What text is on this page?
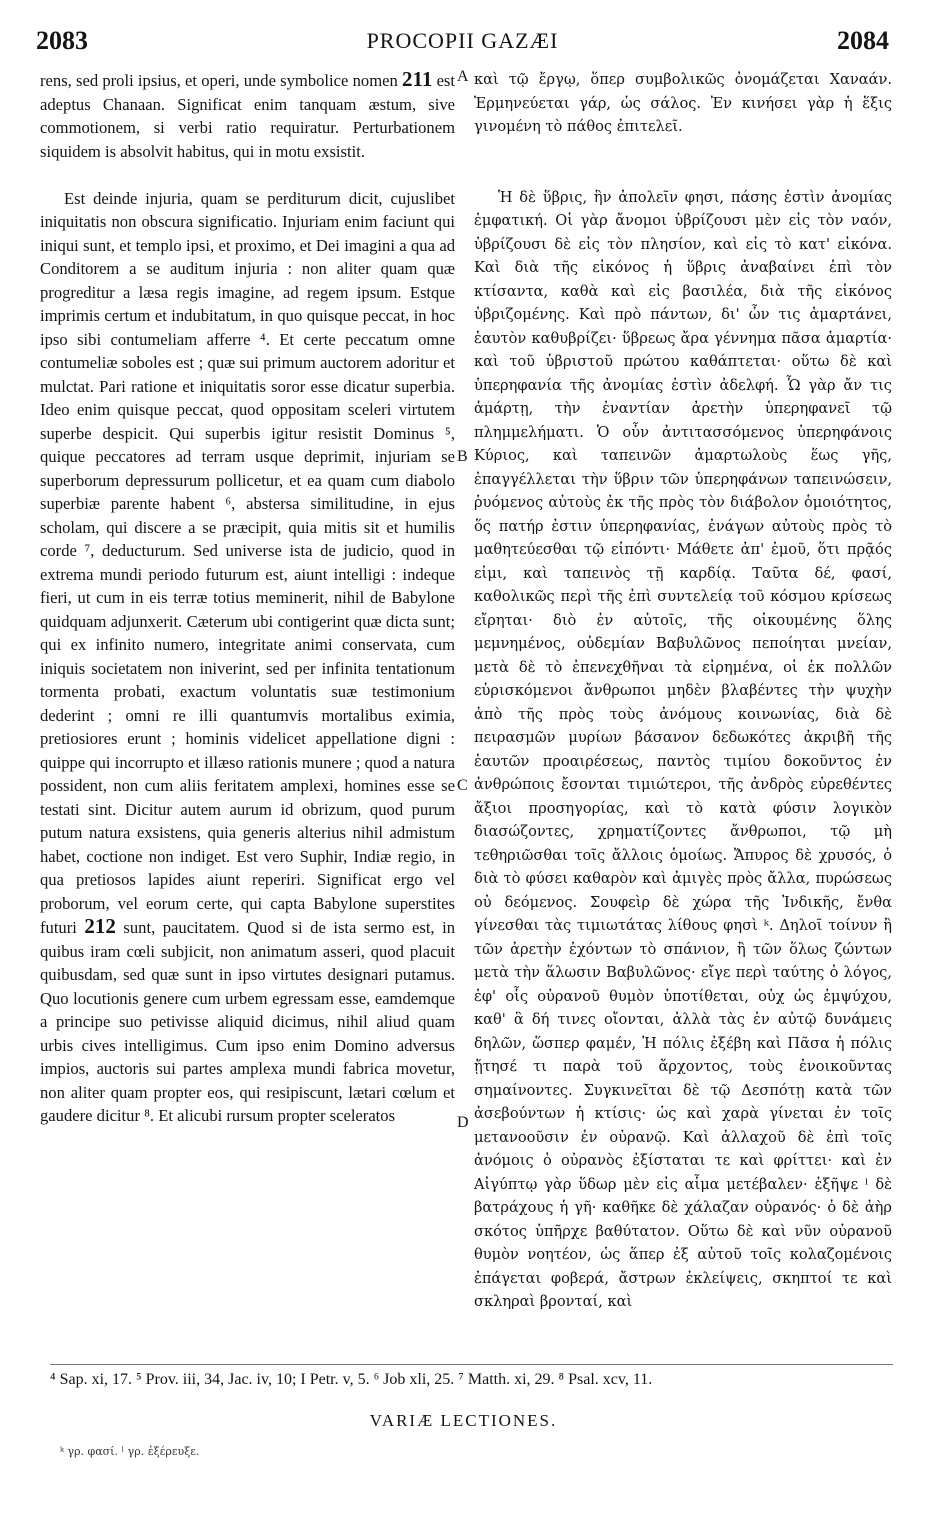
2083	PROCOPII GAZÆI	2084

rens, sed proli ipsius, et operi, unde symbolice nomen 211 est adeptus Chanaan. Significat enim tanquam æstum, sive commotionem, si verbi ratio requiratur. Perturbationem siquidem is absolvit habitus, qui in motu exsistit.

Est deinde injuria, quam se perditurum dicit, cujuslibet iniquitatis non obscura significatio. Injuriam enim faciunt qui iniqui sunt, et templo ipsi, et proximo, et Dei imagini a qua ad Conditorem a se auditum injuria : non aliter quam quæ progreditur a læsa regis imagine, ad regem ipsum. Estque imprimis certum et indubitatum, in quo quisque peccat, in hoc ipso sibi contumeliam afferre ⁴. Et certe peccatum omne contumeliæ soboles est ; quæ sui primum auctorem adoritur et mulctat. Pari ratione et iniquitatis soror esse dicatur superbia. Ideo enim quisque peccat, quod oppositam sceleri virtutem superbe despicit. Qui superbis igitur resistit Dominus ⁵, quique peccatores ad terram usque deprimit, injuriam se superborum depressurum pollicetur, et ea quam cum diabolo superbiæ parente habent ⁶, abstersa similitudine, in ejus scholam, qui discere a se præcipit, quia mitis sit et humilis corde ⁷, deducturum. Sed universe ista de judicio, quod in extrema mundi periodo futurum est, aiunt intelligi : indeque fieri, ut cum in eis terræ totius meminerit, nihil de Babylone quidquam adjunxerit. Cæterum ubi contigerint quæ dicta sunt; qui ex infinito numero, integritate animi conservata, cum iniquis societatem non iniverint, sed per infinita tentationum tormenta probati, exactum voluntatis suæ testimonium dederint ; omni re illi quantumvis mortalibus eximia, pretiosiores erunt ; hominis videlicet appellatione digni : quippe qui incorrupto et illæso rationis munere ; quod a natura possident, non cum aliis feritatem amplexi, homines esse se testati sint. Dicitur autem aurum id obrizum, quod purum putum natura exsistens, quia generis alterius nihil admistum habet, coctione non indiget. Est vero Suphir, Indiæ regio, in qua pretiosos lapides aiunt reperiri. Significat ergo vel proborum, vel eorum certe, qui capta Babylone superstites futuri 212 sunt, paucitatem. Quod si de ista sermo est, in quibus iram cœli subjicit, non animatum asseri, quod placuit quibusdam, sed quæ sunt in ipso virtutes designari putamus. Quo locutionis genere cum urbem egressam esse, eamdemque a principe suo petivisse aliquid dicimus, nihil aliud quam urbis cives intelligimus. Cum ipso enim Domino adversus impios, auctoris sui partes amplexa mundi fabrica movetur, non aliter quam propter eos, qui resipiscunt, lætari cœlum et gaudere dicitur ⁸. Et alicubi rursum propter sceleratos

A
B
C
D

καὶ τῷ ἔργῳ, ὅπερ συμβολικῶς ὀνομάζεται Χαναάν. Ἑρμηνεύεται γάρ, ὡς σάλος. Ἐν κινήσει γὰρ ἡ ἕξις γινομένη τὸ πάθος ἐπιτελεῖ.

Ἡ δὲ ὕβρις, ἣν ἀπολεῖν φησι, πάσης ἐστὶν ἀνομίας ἐμφατική. Οἱ γὰρ ἄνομοι ὑβρίζουσι μὲν εἰς τὸν ναόν, ὑβρίζουσι δὲ εἰς τὸν πλησίον, καὶ εἰς τὸ κατ' εἰκόνα. Καὶ διὰ τῆς εἰκόνος ἡ ὕβρις ἀναβαίνει ἐπὶ τὸν κτίσαντα, καθὰ καὶ εἰς βασιλέα, διὰ τῆς εἰκόνος ὑβριζομένης. Καὶ πρὸ πάντων, δι' ὧν τις ἁμαρτάνει, ἑαυτὸν καθυβρίζει· ὕβρεως ἄρα γέννημα πᾶσα ἁμαρτία· καὶ τοῦ ὑβριστοῦ πρώτου καθάπτεται· οὕτω δὲ καὶ ὑπερηφανία τῆς ἀνομίας ἐστὶν ἀδελφή. Ὧ γὰρ ἄν τις ἁμάρτῃ, τὴν ἐναντίαν ἀρετὴν ὑπερηφανεῖ τῷ πλημμελήματι. Ὁ οὖν ἀντιτασσόμενος ὑπερηφάνοις Κύριος, καὶ ταπεινῶν ἁμαρτωλοὺς ἕως γῆς, ἐπαγγέλλεται τὴν ὕβριν τῶν ὑπερηφάνων ταπεινώσειν, ῥυόμενος αὐτοὺς ἐκ τῆς πρὸς τὸν διάβολον ὁμοιότητος, ὅς πατήρ ἐστιν ὑπερηφανίας, ἐνάγων αὐτοὺς πρὸς τὸ μαθητεύεσθαι τῷ εἰπόντι· Μάθετε ἀπ' ἐμοῦ, ὅτι πρᾷός εἰμι, καὶ ταπεινὸς τῇ καρδίᾳ. Ταῦτα δέ, φασί, καθολικῶς περὶ τῆς ἐπὶ συντελείᾳ τοῦ κόσμου κρίσεως εἴρηται· διὸ ἐν αὐτοῖς, τῆς οἰκουμένης ὅλης μεμνημένος, οὐδεμίαν Βαβυλῶνος πεποίηται μνείαν, μετὰ δὲ τὸ ἐπενεχθῆναι τὰ εἰρημένα, οἱ ἐκ πολλῶν εὑρισκόμενοι ἄνθρωποι μηδὲν βλαβέντες τὴν ψυχὴν ἀπὸ τῆς πρὸς τοὺς ἀνόμους κοινωνίας, διὰ δὲ πειρασμῶν μυρίων βάσανον δεδωκότες ἀκριβῆ τῆς ἑαυτῶν προαιρέσεως, παντὸς τιμίου δοκοῦντος ἐν ἀνθρώποις ἔσονται τιμιώτεροι, τῆς ἀνδρὸς εὑρεθέντες ἄξιοι προσηγορίας, καὶ τὸ κατὰ φύσιν λογικὸν διασώζοντες, χρηματίζοντες ἄνθρωποι, τῷ μὴ τεθηριῶσθαι τοῖς ἄλλοις ὁμοίως. Ἄπυρος δὲ χρυσός, ὁ διὰ τὸ φύσει καθαρὸν καὶ ἀμιγὲς πρὸς ἄλλα, πυρώσεως οὐ δεόμενος. Σουφεὶρ δὲ χώρα τῆς Ἰνδικῆς, ἔνθα γίνεσθαι τὰς τιμιωτάτας λίθους φησὶ ᵏ. Δηλοῖ τοίνυν ἢ τῶν ἀρετὴν ἐχόντων τὸ σπάνιον, ἢ τῶν ὅλως ζώντων μετὰ τὴν ἅλωσιν Βαβυλῶνος· εἴγε περὶ ταύτης ὁ λόγος, ἐφ' οἷς οὐρανοῦ θυμὸν ὑποτίθεται, οὐχ ὡς ἐμψύχου, καθ' ἃ δή τινες οἴονται, ἀλλὰ τὰς ἐν αὐτῷ δυνάμεις δηλῶν, ὥσπερ φαμέν, Ἡ πόλις ἐξέβη καὶ Πᾶσα ἡ πόλις ᾔτησέ τι παρὰ τοῦ ἄρχοντος, τοὺς ἐνοικοῦντας σημαίνοντες. Συγκινεῖται δὲ τῷ Δεσπότῃ κατὰ τῶν ἀσεβούντων ἡ κτίσις· ὡς καὶ χαρὰ γίνεται ἐν τοῖς μετανοοῦσιν ἐν οὐρανῷ. Καὶ ἀλλαχοῦ δὲ ἐπὶ τοῖς ἀνόμοις ὁ οὐρανὸς ἐξίσταται τε καὶ φρίττει· καὶ ἐν Αἰγύπτῳ γὰρ ὕδωρ μὲν εἰς αἷμα μετέβαλεν· ἐξῆψε ˡ δὲ βατράχους ἡ γῆ· καθῆκε δὲ χάλαζαν οὐρανός· ὁ δὲ ἀὴρ σκότος ὑπῆρχε βαθύτατον. Οὕτω δὲ καὶ νῦν οὐρανοῦ θυμὸν νοητέον, ὡς ἅπερ ἐξ αὐτοῦ τοῖς κολαζομένοις ἐπάγεται φοβερά, ἄστρων ἐκλείψεις, σκηπτοί τε καὶ σκληραὶ βρονταί, καὶ

⁴ Sap. xi, 17. ⁵ Prov. iii, 34, Jac. iv, 10; I Petr. v, 5. ⁶ Job xli, 25. ⁷ Matth. xi, 29. ⁸ Psal. xcv, 11.
VARIÆ LECTIONES.
ᵏ γρ. φασί. ˡ γρ. ἐξέρευξε.
